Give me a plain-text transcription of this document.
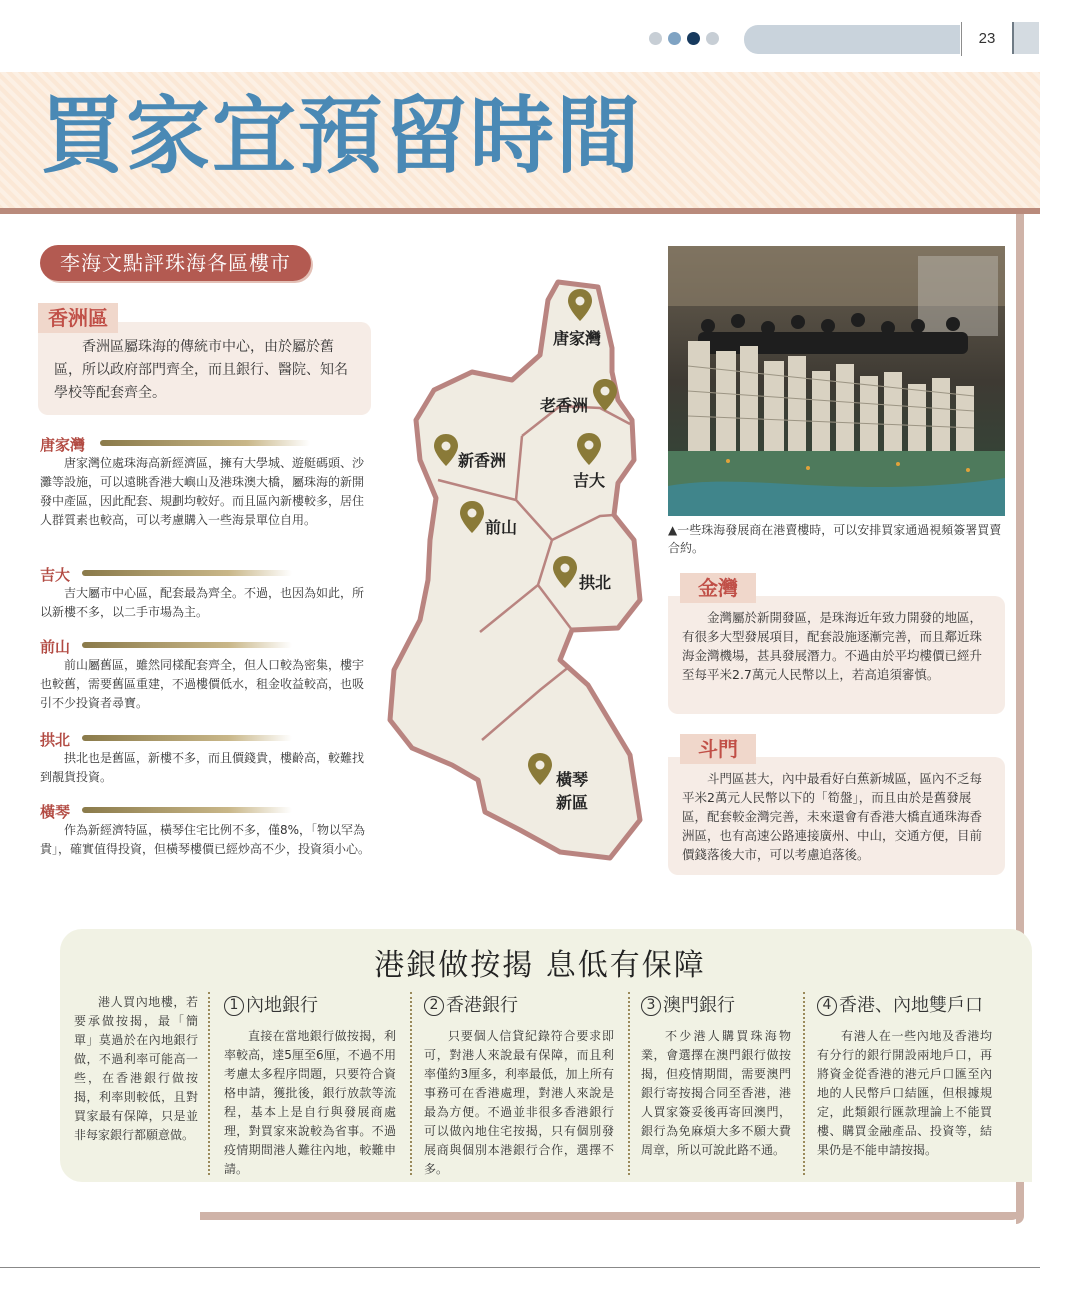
23
買家宜預留時間
李海文點評珠海各區樓市
香洲區屬珠海的傳統市中心，由於屬於舊區，所以政府部門齊全，而且銀行、醫院、知名學校等配套齊全。
香洲區
唐家灣
唐家灣位處珠海高新經濟區，擁有大學城、遊艇碼頭、沙灘等設施，可以遠眺香港大嶼山及港珠澳大橋，屬珠海的新開發中產區，因此配套、規劃均較好。而且區內新樓較多，居住人群質素也較高，可以考慮購入一些海景單位自用。
吉大
吉大屬市中心區，配套最為齊全。不過，也因為如此，所以新樓不多，以二手市場為主。
前山
前山屬舊區，雖然同樣配套齊全，但人口較為密集，樓宇也較舊，需要舊區重建，不過樓價低水，租金收益較高，也吸引不少投資者尋寶。
拱北
拱北也是舊區，新樓不多，而且價錢貴，樓齡高，較難找到靚貨投資。
橫琴
作為新經濟特區，橫琴住宅比例不多，僅8%，「物以罕為貴」，確實值得投資，但橫琴樓價已經炒高不少，投資須小心。
唐家灣
老香洲
新香洲
吉大
前山
拱北
橫琴
新區
▲一些珠海發展商在港賣樓時，可以安排買家通過視頻簽署買賣合約。
金灣屬於新開發區，是珠海近年致力開發的地區，有很多大型發展項目，配套設施逐漸完善，而且鄰近珠海金灣機場，甚具發展潛力。不過由於平均樓價已經升至每平米2.7萬元人民幣以上，若高追須審慎。
金灣
斗門區甚大，內中最看好白蕉新城區，區內不乏每平米2萬元人民幣以下的「筍盤」，而且由於是舊發展區，配套較金灣完善，未來還會有香港大橋直通珠海香洲區，也有高速公路連接廣州、中山，交通方便，目前價錢落後大市，可以考慮追落後。
斗門
港銀做按揭 息低有保障
港人買內地樓，若要承做按揭，最「簡單」莫過於在內地銀行做，不過利率可能高一些，在香港銀行做按揭，利率則較低，且對買家最有保障，只是並非每家銀行都願意做。
1 內地銀行
直接在當地銀行做按揭，利率較高，達5厘至6厘，不過不用考慮太多程序問題，只要符合資格申請，獲批後，銀行放款等流程，基本上是自行與發展商處理，對買家來說較為省事。不過疫情期間港人難往內地，較難申請。
2 香港銀行
只要個人信貸紀錄符合要求即可，對港人來說最有保障，而且利率僅約3厘多，利率最低，加上所有事務可在香港處理，對港人來說是最為方便。不過並非很多香港銀行可以做內地住宅按揭，只有個別發展商與個別本港銀行合作，選擇不多。
3 澳門銀行
不少港人購買珠海物業，會選擇在澳門銀行做按揭，但疫情期間，需要澳門銀行寄按揭合同至香港，港人買家簽妥後再寄回澳門，銀行為免麻煩大多不願大費周章，所以可說此路不通。
4 香港、內地雙戶口
有港人在一些內地及香港均有分行的銀行開設兩地戶口，再將資金從香港的港元戶口匯至內地的人民幣戶口結匯，但根據規定，此類銀行匯款理論上不能買樓、購買金融產品、投資等，結果仍是不能申請按揭。
